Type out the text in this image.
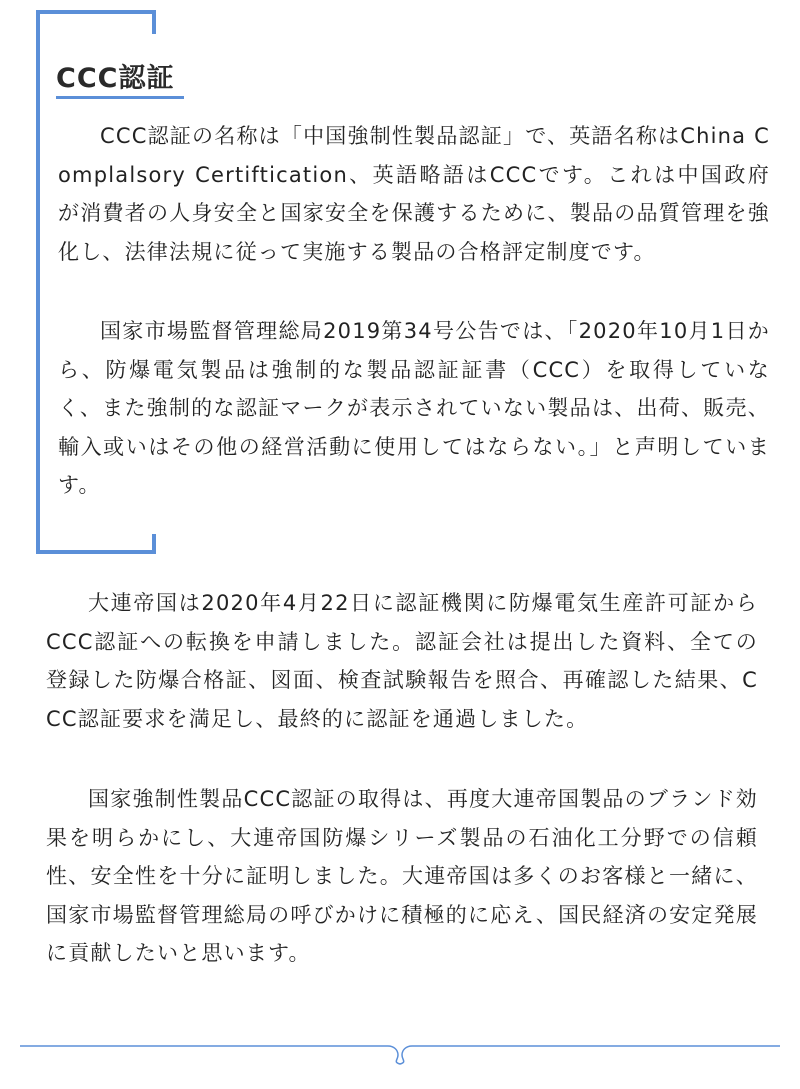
CCC認証

CCC認証の名称は「中国強制性製品認証」で、英語名称はChina Complalsory Certiftication、英語略語はCCCです。これは中国政府が消費者の人身安全と国家安全を保護するために、製品の品質管理を強化し、法律法規に従って実施する製品の合格評定制度です。

国家市場監督管理総局2019第34号公告では、「2020年10月1日から、防爆電気製品は強制的な製品認証証書（CCC）を取得していなく、また強制的な認証マークが表示されていない製品は、出荷、販売、輸入或いはその他の経営活動に使用してはならない。」と声明しています。

大連帝国は2020年4月22日に認証機関に防爆電気生産許可証からCCC認証への転換を申請しました。認証会社は提出した資料、全ての登録した防爆合格証、図面、検査試験報告を照合、再確認した結果、CCC認証要求を満足し、最終的に認証を通過しました。

国家強制性製品CCC認証の取得は、再度大連帝国製品のブランド効果を明らかにし、大連帝国防爆シリーズ製品の石油化工分野での信頼性、安全性を十分に証明しました。大連帝国は多くのお客様と一緒に、国家市場監督管理総局の呼びかけに積極的に応え、国民経済の安定発展に貢献したいと思います。
